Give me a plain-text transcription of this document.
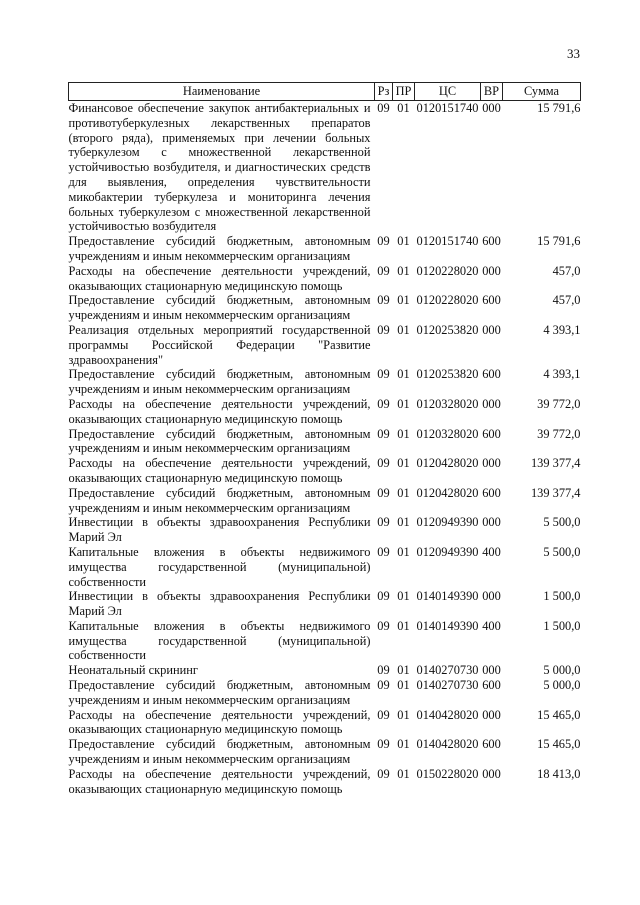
33
Наименование	Рз	ПР	ЦС	ВР	Сумма
Финансовое обеспечение закупок антибактериальных и противотуберкулезных лекарственных препаратов (второго ряда), применяемых при лечении больных туберкулезом с множественной лекарственной устойчивостью возбудителя, и диагностических средств для выявления, определения чувствительности микобактерии туберкулеза и мониторинга лечения больных туберкулезом с множественной лекарственной устойчивостью возбудителя	09	01	0120151740	000	15 791,6
Предоставление субсидий бюджетным, автономным учреждениям и иным некоммерческим организациям	09	01	0120151740	600	15 791,6
Расходы на обеспечение деятельности учреждений, оказывающих стационарную медицинскую помощь	09	01	0120228020	000	457,0
Предоставление субсидий бюджетным, автономным учреждениям и иным некоммерческим организациям	09	01	0120228020	600	457,0
Реализация отдельных мероприятий государственной программы Российской Федерации "Развитие здравоохранения"	09	01	0120253820	000	4 393,1
Предоставление субсидий бюджетным, автономным учреждениям и иным некоммерческим организациям	09	01	0120253820	600	4 393,1
Расходы на обеспечение деятельности учреждений, оказывающих стационарную медицинскую помощь	09	01	0120328020	000	39 772,0
Предоставление субсидий бюджетным, автономным учреждениям и иным некоммерческим организациям	09	01	0120328020	600	39 772,0
Расходы на обеспечение деятельности учреждений, оказывающих стационарную медицинскую помощь	09	01	0120428020	000	139 377,4
Предоставление субсидий бюджетным, автономным учреждениям и иным некоммерческим организациям	09	01	0120428020	600	139 377,4
Инвестиции в объекты здравоохранения Республики Марий Эл	09	01	0120949390	000	5 500,0
Капитальные вложения в объекты недвижимого имущества государственной (муниципальной) собственности	09	01	0120949390	400	5 500,0
Инвестиции в объекты здравоохранения Республики Марий Эл	09	01	0140149390	000	1 500,0
Капитальные вложения в объекты недвижимого имущества государственной (муниципальной) собственности	09	01	0140149390	400	1 500,0
Неонатальный скрининг	09	01	0140270730	000	5 000,0
Предоставление субсидий бюджетным, автономным учреждениям и иным некоммерческим организациям	09	01	0140270730	600	5 000,0
Расходы на обеспечение деятельности учреждений, оказывающих стационарную медицинскую помощь	09	01	0140428020	000	15 465,0
Предоставление субсидий бюджетным, автономным учреждениям и иным некоммерческим организациям	09	01	0140428020	600	15 465,0
Расходы на обеспечение деятельности учреждений, оказывающих стационарную медицинскую помощь	09	01	0150228020	000	18 413,0
